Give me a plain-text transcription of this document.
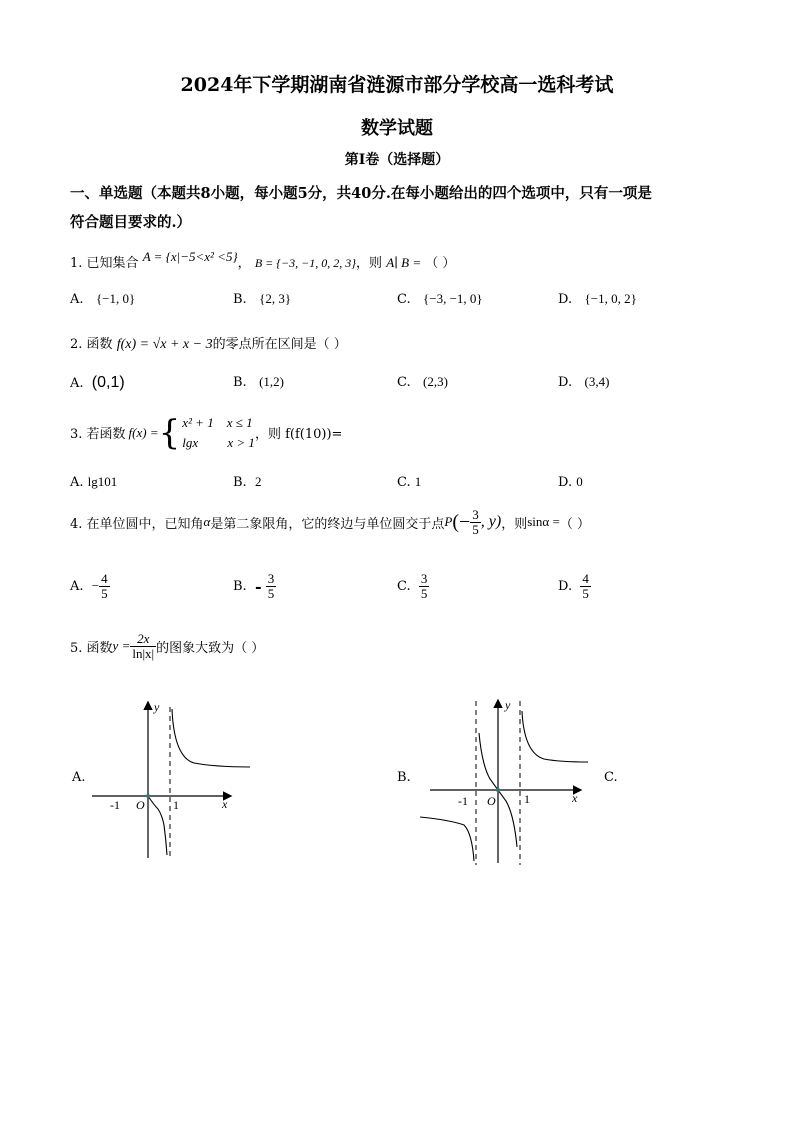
2024年下学期湖南省涟源市部分学校高一选科考试
数学试题
第Ⅰ卷（选择题）
一、单选题（本题共8小题，每小题5分，共40分.在每小题给出的四个选项中，只有一项是
符合题目要求的.）
1. 已知集合 A = {x|−5<x² <5}， B = {−3, −1, 0, 2, 3}，则 A∣ B = （ ）
A. {−1, 0}	B. {2, 3}	C. {−3, −1, 0}	D. {−1, 0, 2}
2. 函数 f(x) = √x + x − 3的零点所在区间是（ ）
A. (0,1)	B. (1,2)	C. (2,3)	D. (3,4)
3. 若函数 f(x) = { x² + 1    x ≤ 1
lgx         x > 1 ，则 f(f(10))=
A. lg101	B. 2	C. 1	D. 0
4. 在单位圆中，已知角 α 是第二象限角，它的终边与单位圆交于点 P (− $\frac{3}{5}$ , y) ，则 sinα = （ ）
A.
− $\frac{4}{5}$	B.
-
$\frac{3}{5}$	C.
$\frac{3}{5}$	D.
$\frac{4}{5}$
5. 函数 $y = \frac{2x}{\ln|x|}$ 的图象大致为（ ）
A.	B.	C.
y
x
O
-1	1
y
x
O
-1	1
